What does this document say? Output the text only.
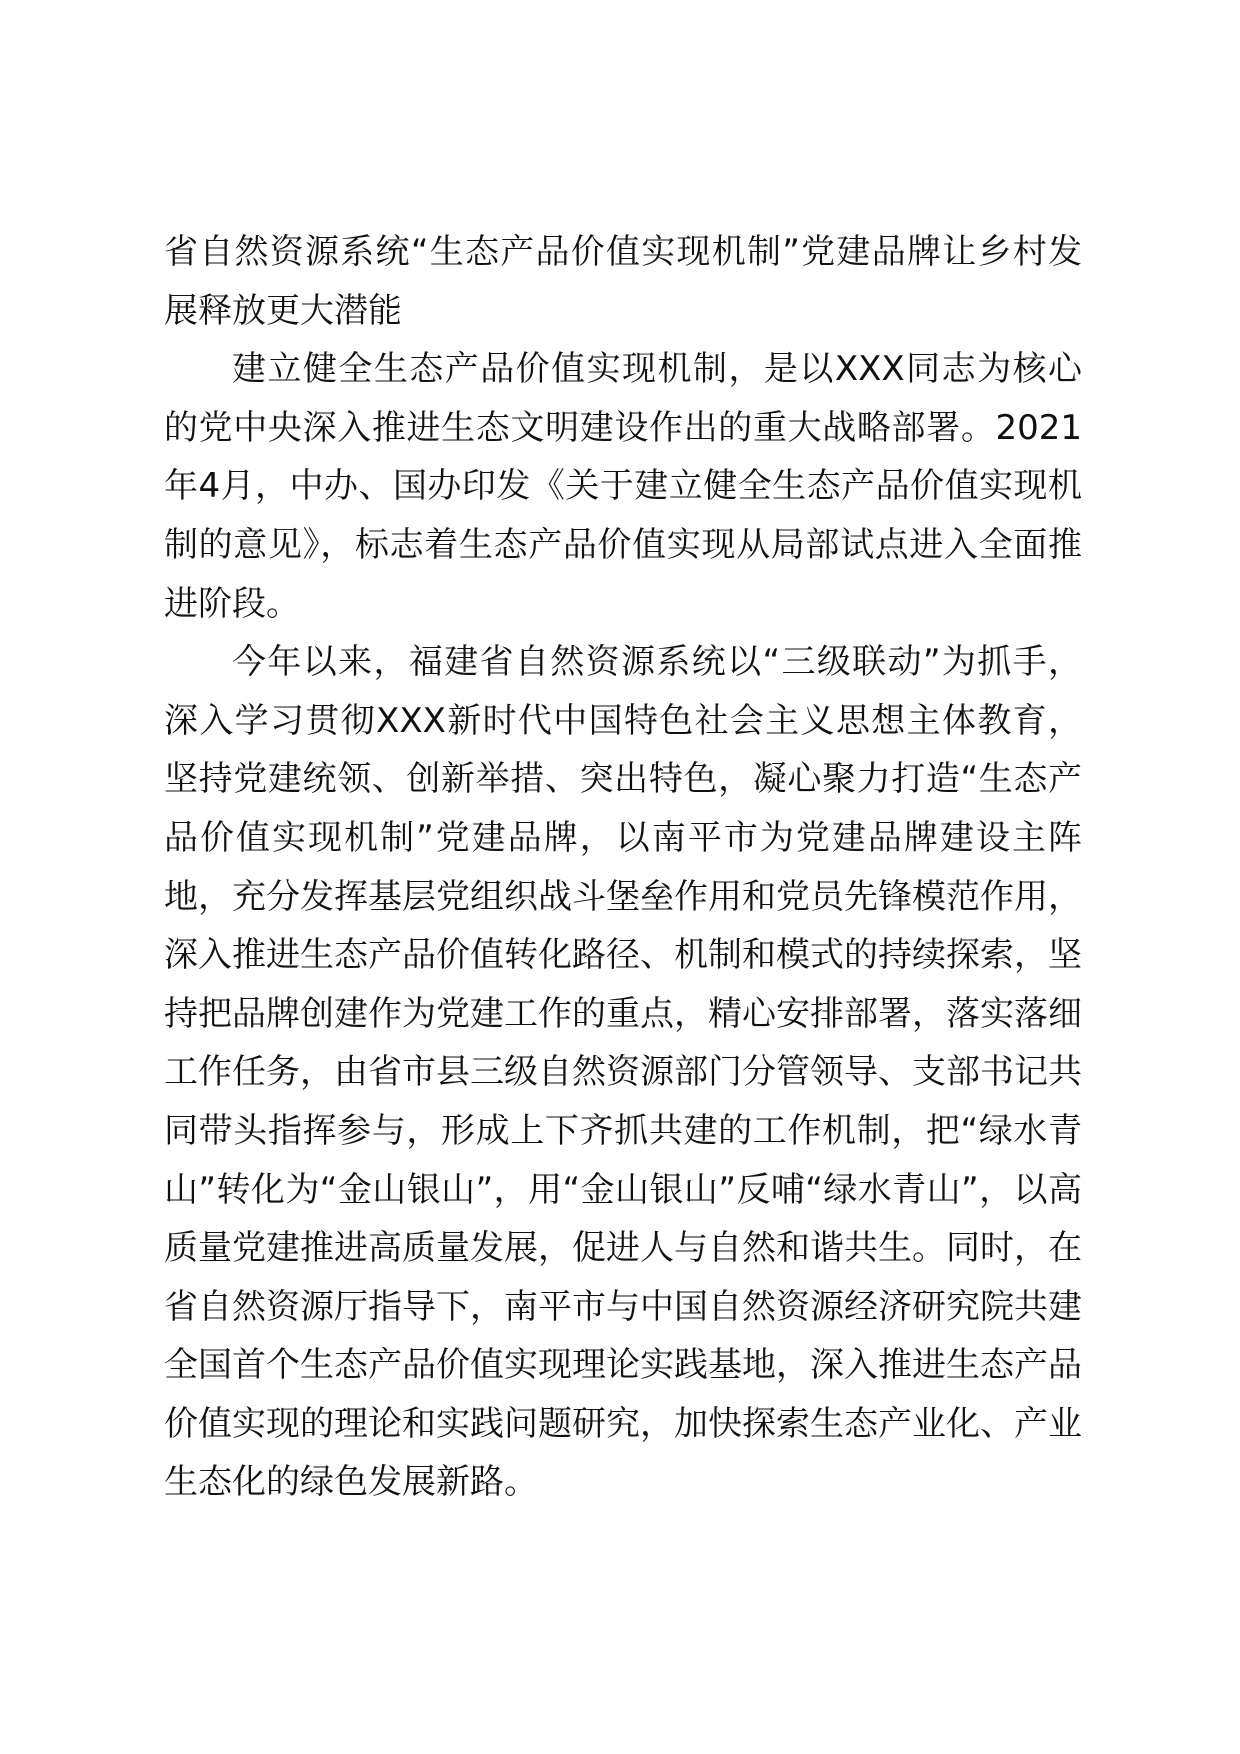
省自然资源系统“生态产品价值实现机制”党建品牌让乡村发展释放更大潜能

建立健全生态产品价值实现机制，是以XXX同志为核心的党中央深入推进生态文明建设作出的重大战略部署。2021年4月，中办、国办印发《关于建立健全生态产品价值实现机制的意见》，标志着生态产品价值实现从局部试点进入全面推进阶段。

今年以来，福建省自然资源系统以“三级联动”为抓手，深入学习贯彻XXX新时代中国特色社会主义思想主体教育，坚持党建统领、创新举措、突出特色，凝心聚力打造“生态产品价值实现机制”党建品牌，以南平市为党建品牌建设主阵地，充分发挥基层党组织战斗堡垒作用和党员先锋模范作用，深入推进生态产品价值转化路径、机制和模式的持续探索，坚持把品牌创建作为党建工作的重点，精心安排部署，落实落细工作任务，由省市县三级自然资源部门分管领导、支部书记共同带头指挥参与，形成上下齐抓共建的工作机制，把“绿水青山”转化为“金山银山”，用“金山银山”反哺“绿水青山”，以高质量党建推进高质量发展，促进人与自然和谐共生。同时，在省自然资源厅指导下，南平市与中国自然资源经济研究院共建全国首个生态产品价值实现理论实践基地，深入推进生态产品价值实现的理论和实践问题研究，加快探索生态产业化、产业生态化的绿色发展新路。
